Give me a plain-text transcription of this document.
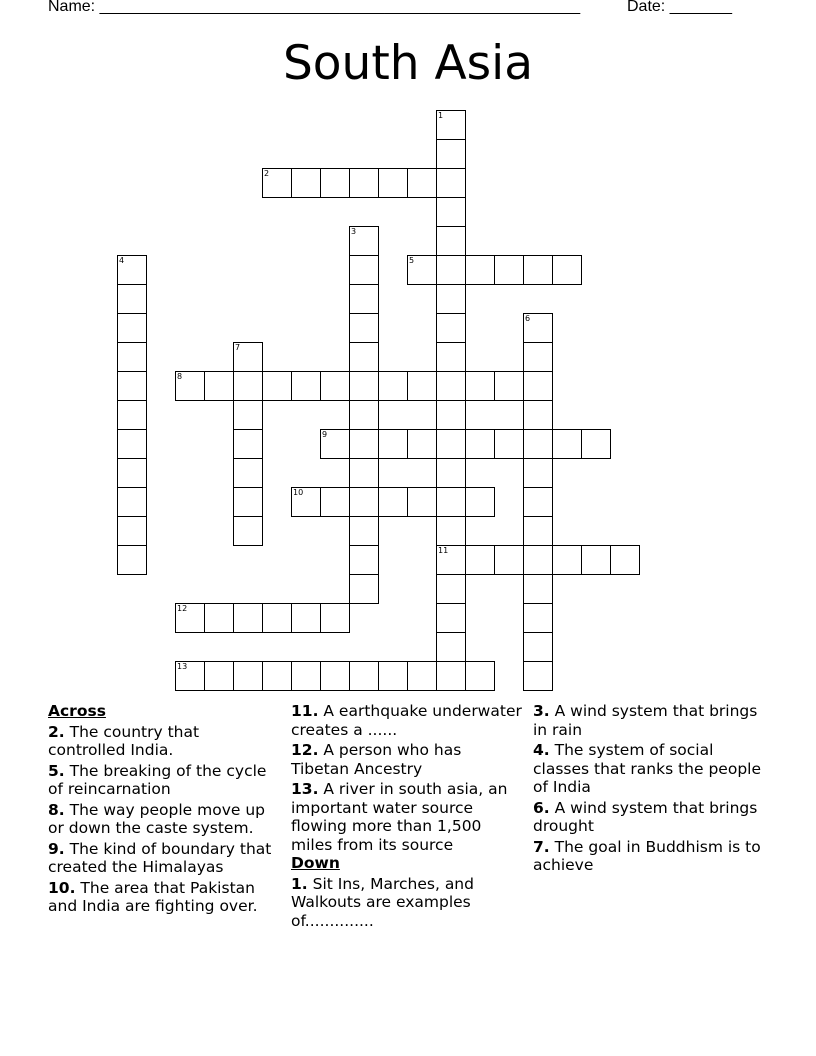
Name: ______________________________________________________	Date: _______
South Asia
1
11
2
3
4	5
6
7
8
9
10
12
13
Across
2. The country that controlled India.
5. The breaking of the cycle of reincarnation
8. The way people move up or down the caste system.
9. The kind of boundary that created the Himalayas
10. The area that Pakistan and India are fighting over.
11. A earthquake underwater creates a ......
12. A person who has Tibetan Ancestry
13. A river in south asia, an important water source flowing more than 1,500 miles from its source
Down
1. Sit Ins, Marches, and Walkouts are examples of..............
3. A wind system that brings in rain
4. The system of social classes that ranks the people of India
6. A wind system that brings drought
7. The goal in Buddhism is to achieve
